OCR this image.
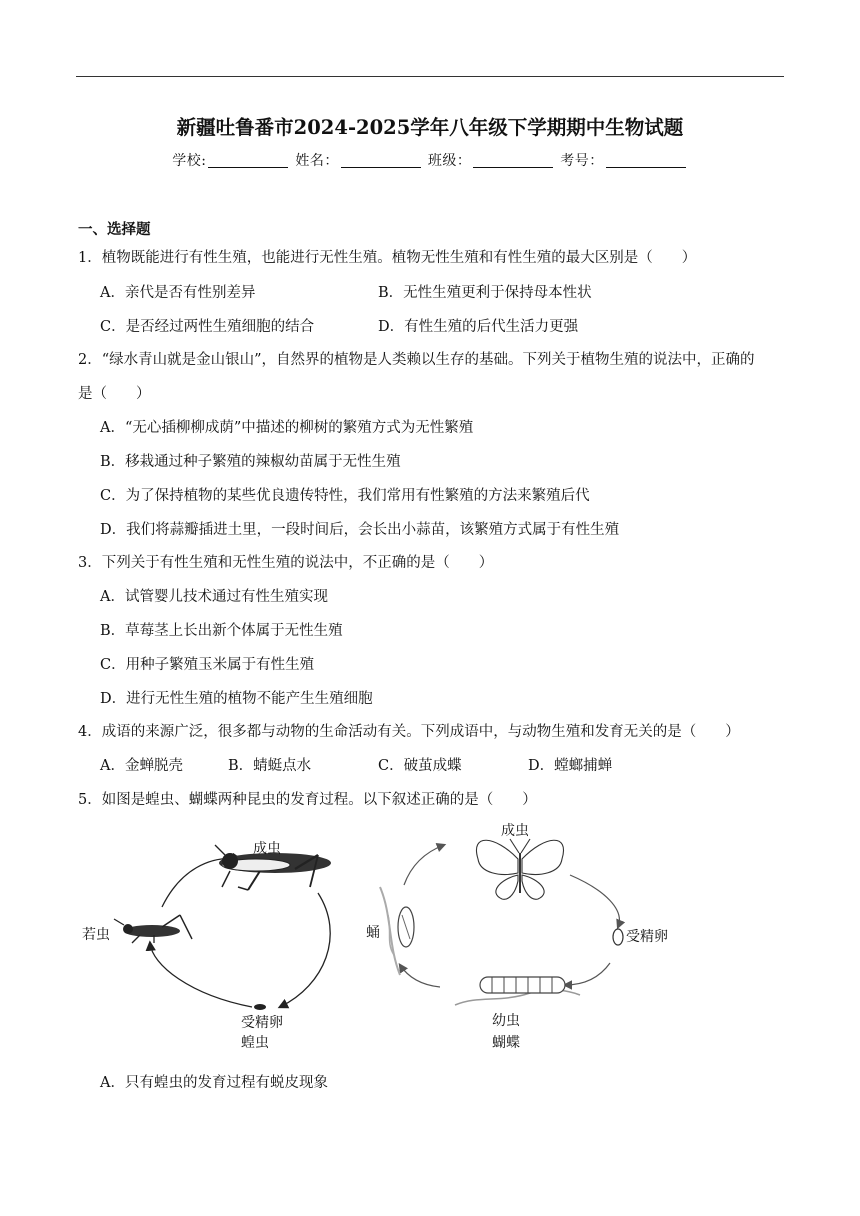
新疆吐鲁番市2024-2025学年八年级下学期期中生物试题
学校:	姓名：	班级：	考号：
一、选择题
1．植物既能进行有性生殖，也能进行无性生殖。植物无性生殖和有性生殖的最大区别是（　　）
A．亲代是否有性别差异	B．无性生殖更利于保持母本性状
C．是否经过两性生殖细胞的结合	D．有性生殖的后代生活力更强
2．“绿水青山就是金山银山”，自然界的植物是人类赖以生存的基础。下列关于植物生殖的说法中，正确的
是（　　）
A．“无心插柳柳成荫”中描述的柳树的繁殖方式为无性繁殖
B．移栽通过种子繁殖的辣椒幼苗属于无性生殖
C．为了保持植物的某些优良遗传特性，我们常用有性繁殖的方法来繁殖后代
D．我们将蒜瓣插进土里，一段时间后，会长出小蒜苗，该繁殖方式属于有性生殖
3．下列关于有性生殖和无性生殖的说法中，不正确的是（　　）
A．试管婴儿技术通过有性生殖实现
B．草莓茎上长出新个体属于无性生殖
C．用种子繁殖玉米属于有性生殖
D．进行无性生殖的植物不能产生生殖细胞
4．成语的来源广泛，很多都与动物的生命活动有关。下列成语中，与动物生殖和发育无关的是（　　）
A．金蝉脱壳	B．蜻蜓点水	C．破茧成蝶	D．螳螂捕蝉
5．如图是蝗虫、蝴蝶两种昆虫的发育过程。以下叙述正确的是（　　）
成虫
若虫
受精卵
蝗虫
成虫
受精卵
幼虫
蛹
蝴蝶
A．只有蝗虫的发育过程有蜕皮现象
